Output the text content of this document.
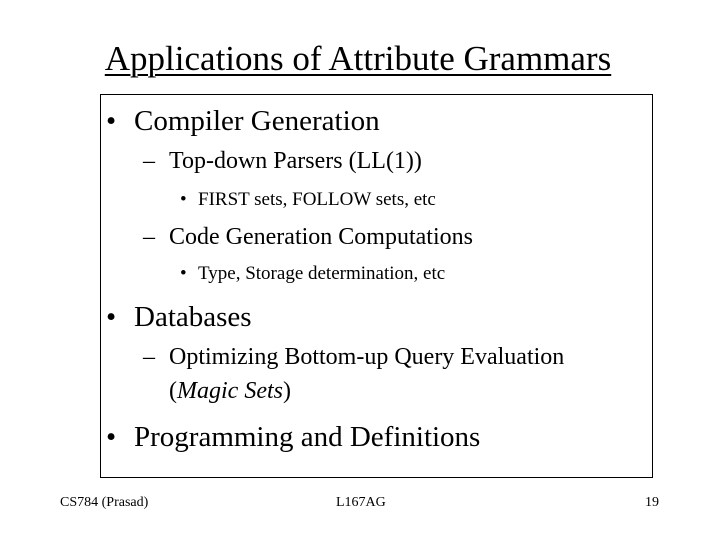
Applications of Attribute Grammars
• Compiler Generation
– Top-down Parsers (LL(1))
• FIRST sets, FOLLOW sets, etc
– Code Generation Computations
• Type, Storage determination, etc
• Databases
– Optimizing Bottom-up Query Evaluation
(Magic Sets)
• Programming and Definitions
CS784 (Prasad)	L167AG	19
